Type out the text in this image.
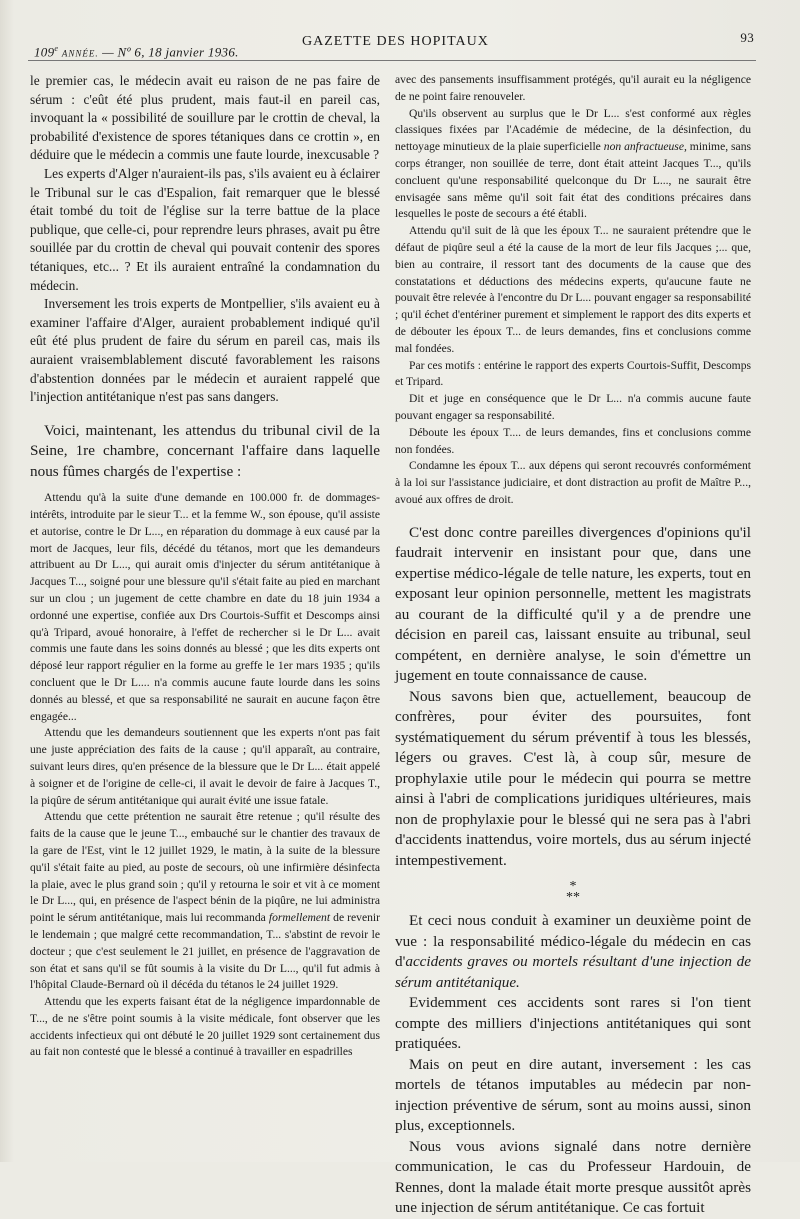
109e ANNÉE. — Nº 6, 18 janvier 1936.
GAZETTE DES HOPITAUX	93

le premier cas, le médecin avait eu raison de ne pas faire de sérum : c'eût été plus prudent, mais faut-il en pareil cas, invoquant la « possibilité de souillure par le crottin de cheval, la probabilité d'existence de spores tétaniques dans ce crottin », en déduire que le médecin a commis une faute lourde, inexcusable ?

Les experts d'Alger n'auraient-ils pas, s'ils avaient eu à éclairer le Tribunal sur le cas d'Espalion, fait remarquer que le blessé était tombé du toit de l'église sur la terre battue de la place publique, que celle-ci, pour reprendre leurs phrases, avait pu être souillée par du crottin de cheval qui pouvait contenir des spores tétaniques, etc... ? Et ils auraient entraîné la condamnation du médecin.

Inversement les trois experts de Montpellier, s'ils avaient eu à examiner l'affaire d'Alger, auraient probablement indiqué qu'il eût été plus prudent de faire du sérum en pareil cas, mais ils auraient vraisemblablement discuté favorablement les raisons d'abstention données par le médecin et auraient rappelé que l'injection antitétanique n'est pas sans dangers.

Voici, maintenant, les attendus du tribunal civil de la Seine, 1re chambre, concernant l'affaire dans laquelle nous fûmes chargés de l'expertise :

Attendu qu'à la suite d'une demande en 100.000 fr. de dommages-intérêts, introduite par le sieur T... et la femme W., son épouse, qu'il assiste et autorise, contre le Dr L..., en réparation du dommage à eux causé par la mort de Jacques, leur fils, décédé du tétanos, mort que les demandeurs attribuent au Dr L..., qui aurait omis d'injecter du sérum antitétanique à Jacques T..., soigné pour une blessure qu'il s'était faite au pied en marchant sur un clou ; un jugement de cette chambre en date du 18 juin 1934 a ordonné une expertise, confiée aux Drs Courtois-Suffit et Descomps ainsi qu'à Tripard, avoué honoraire, à l'effet de rechercher si le Dr L... avait commis une faute dans les soins donnés au blessé ; que les dits experts ont déposé leur rapport régulier en la forme au greffe le 1er mars 1935 ; qu'ils concluent que le Dr L.... n'a commis aucune faute lourde dans les soins donnés au blessé, et que sa responsabilité ne saurait en aucune façon être engagée...

Attendu que les demandeurs soutiennent que les experts n'ont pas fait une juste appréciation des faits de la cause ; qu'il apparaît, au contraire, suivant leurs dires, qu'en présence de la blessure que le Dr L... était appelé à soigner et de l'origine de celle-ci, il avait le devoir de faire à Jacques T., la piqûre de sérum antitétanique qui aurait évité une issue fatale.

Attendu que cette prétention ne saurait être retenue ; qu'il résulte des faits de la cause que le jeune T..., embauché sur le chantier des travaux de la gare de l'Est, vint le 12 juillet 1929, le matin, à la suite de la blessure qu'il s'était faite au pied, au poste de secours, où une infirmière désinfecta la plaie, avec le plus grand soin ; qu'il y retourna le soir et vit à ce moment le Dr L..., qui, en présence de l'aspect bénin de la piqûre, ne lui administra point le sérum antitétanique, mais lui recommanda formellement de revenir le lendemain ; que malgré cette recommandation, T... s'abstint de revoir le docteur ; que c'est seulement le 21 juillet, en présence de l'aggravation de son état et sans qu'il se fût soumis à la visite du Dr L..., qu'il fut admis à l'hôpital Claude-Bernard où il décéda du tétanos le 24 juillet 1929.

Attendu que les experts faisant état de la négligence impardonnable de T..., de ne s'être point soumis à la visite médicale, font observer que les accidents infectieux qui ont débuté le 20 juillet 1929 sont certainement dus au fait non contesté que le blessé a continué à travailler en espadrilles

avec des pansements insuffisamment protégés, qu'il aurait eu la négligence de ne point faire renouveler.

Qu'ils observent au surplus que le Dr L... s'est conformé aux règles classiques fixées par l'Académie de médecine, de la désinfection, du nettoyage minutieux de la plaie superficielle non anfractueuse, minime, sans corps étranger, non souillée de terre, dont était atteint Jacques T..., qu'ils concluent qu'une responsabilité quelconque du Dr L..., ne saurait être envisagée sans même qu'il soit fait état des conditions précaires dans lesquelles le poste de secours a été établi.

Attendu qu'il suit de là que les époux T... ne sauraient prétendre que le défaut de piqûre seul a été la cause de la mort de leur fils Jacques ;... que, bien au contraire, il ressort tant des documents de la cause que des constatations et déductions des médecins experts, qu'aucune faute ne pouvait être relevée à l'encontre du Dr L... pouvant engager sa responsabilité ; qu'il échet d'entériner purement et simplement le rapport des dits experts et de débouter les époux T... de leurs demandes, fins et conclusions comme mal fondées.

Par ces motifs : entérine le rapport des experts Courtois-Suffit, Descomps et Tripard.

Dit et juge en conséquence que le Dr L... n'a commis aucune faute pouvant engager sa responsabilité.

Déboute les époux T.... de leurs demandes, fins et conclusions comme non fondées.

Condamne les époux T... aux dépens qui seront recouvrés conformément à la loi sur l'assistance judiciaire, et dont distraction au profit de Maître P..., avoué aux offres de droit.

C'est donc contre pareilles divergences d'opinions qu'il faudrait intervenir en insistant pour que, dans une expertise médico-légale de telle nature, les experts, tout en exposant leur opinion personnelle, mettent les magistrats au courant de la difficulté qu'il y a de prendre une décision en pareil cas, laissant ensuite au tribunal, seul compétent, en dernière analyse, le soin d'émettre un jugement en toute connaissance de cause.

Nous savons bien que, actuellement, beaucoup de confrères, pour éviter des poursuites, font systématiquement du sérum préventif à tous les blessés, légers ou graves. C'est là, à coup sûr, mesure de prophylaxie utile pour le médecin qui pourra se mettre ainsi à l'abri de complications juridiques ultérieures, mais non de prophylaxie pour le blessé qui ne sera pas à l'abri d'accidents inattendus, voire mortels, dus au sérum injecté intempestivement.

*
**

Et ceci nous conduit à examiner un deuxième point de vue : la responsabilité médico-légale du médecin en cas d'accidents graves ou mortels résultant d'une injection de sérum antitétanique.

Evidemment ces accidents sont rares si l'on tient compte des milliers d'injections antitétaniques qui sont pratiquées.

Mais on peut en dire autant, inversement : les cas mortels de tétanos imputables au médecin par non-injection préventive de sérum, sont au moins aussi, sinon plus, exceptionnels.

Nous vous avions signalé dans notre dernière communication, le cas du Professeur Hardouin, de Rennes, dont la malade était morte presque aussitôt après une injection de sérum antitétanique. Ce cas fortuit
